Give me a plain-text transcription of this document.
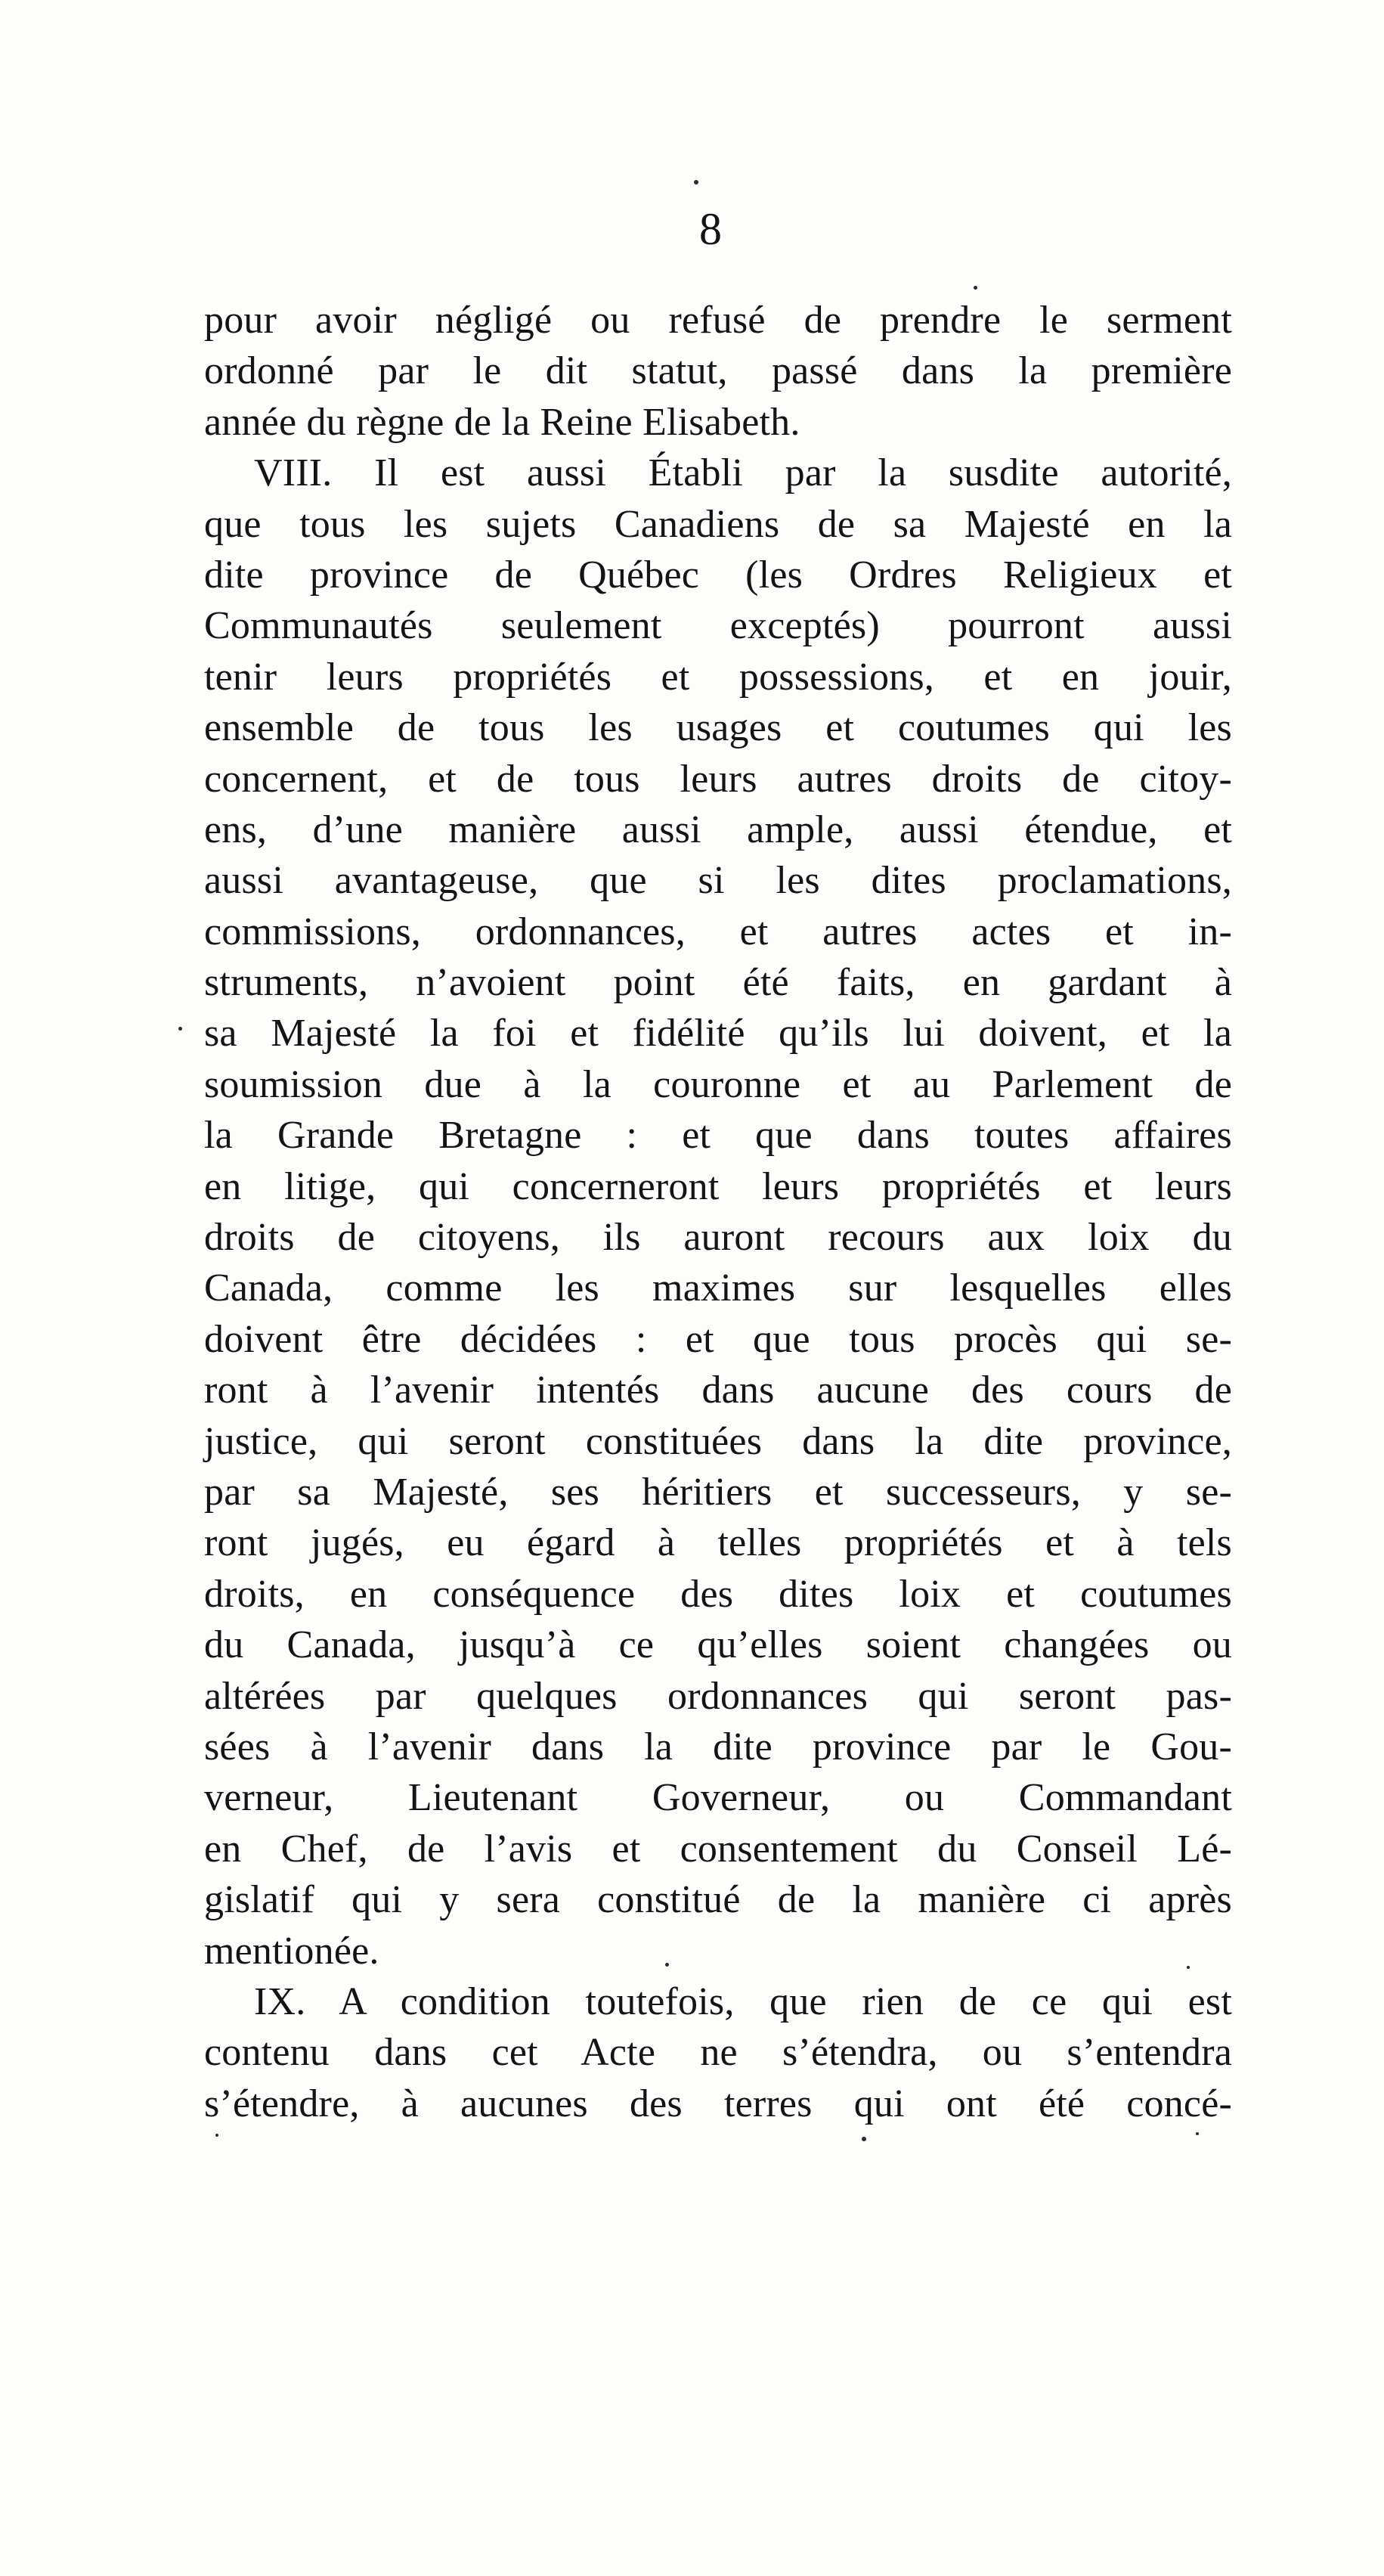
8
pour avoir négligé ou refusé de prendre le serment
ordonné par le dit statut, passé dans la première
année du règne de la Reine Elisabeth.
VIII. Il est aussi Établi par la susdite autorité,
que tous les sujets Canadiens de sa Majesté en la
dite province de Québec (les Ordres Religieux et
Communautés seulement exceptés) pourront aussi
tenir leurs propriétés et possessions, et en jouir,
ensemble de tous les usages et coutumes qui les
concernent, et de tous leurs autres droits de citoy-
ens, d’une manière aussi ample, aussi étendue, et
aussi avantageuse, que si les dites proclamations,
commissions, ordonnances, et autres actes et in-
struments, n’avoient point été faits, en gardant à
sa Majesté la foi et fidélité qu’ils lui doivent, et la
soumission due à la couronne et au Parlement de
la Grande Bretagne : et que dans toutes affaires
en litige, qui concerneront leurs propriétés et leurs
droits de citoyens, ils auront recours aux loix du
Canada, comme les maximes sur lesquelles elles
doivent être décidées : et que tous procès qui se-
ront à l’avenir intentés dans aucune des cours de
justice, qui seront constituées dans la dite province,
par sa Majesté, ses héritiers et successeurs, y se-
ront jugés, eu égard à telles propriétés et à tels
droits, en conséquence des dites loix et coutumes
du Canada, jusqu’à ce qu’elles soient changées ou
altérées par quelques ordonnances qui seront pas-
sées à l’avenir dans la dite province par le Gou-
verneur, Lieutenant Governeur, ou Commandant
en Chef, de l’avis et consentement du Conseil Lé-
gislatif qui y sera constitué de la manière ci après
mentionée.
IX. A condition toutefois, que rien de ce qui est
contenu dans cet Acte ne s’étendra, ou s’entendra
s’étendre, à aucunes des terres qui ont été concé-
